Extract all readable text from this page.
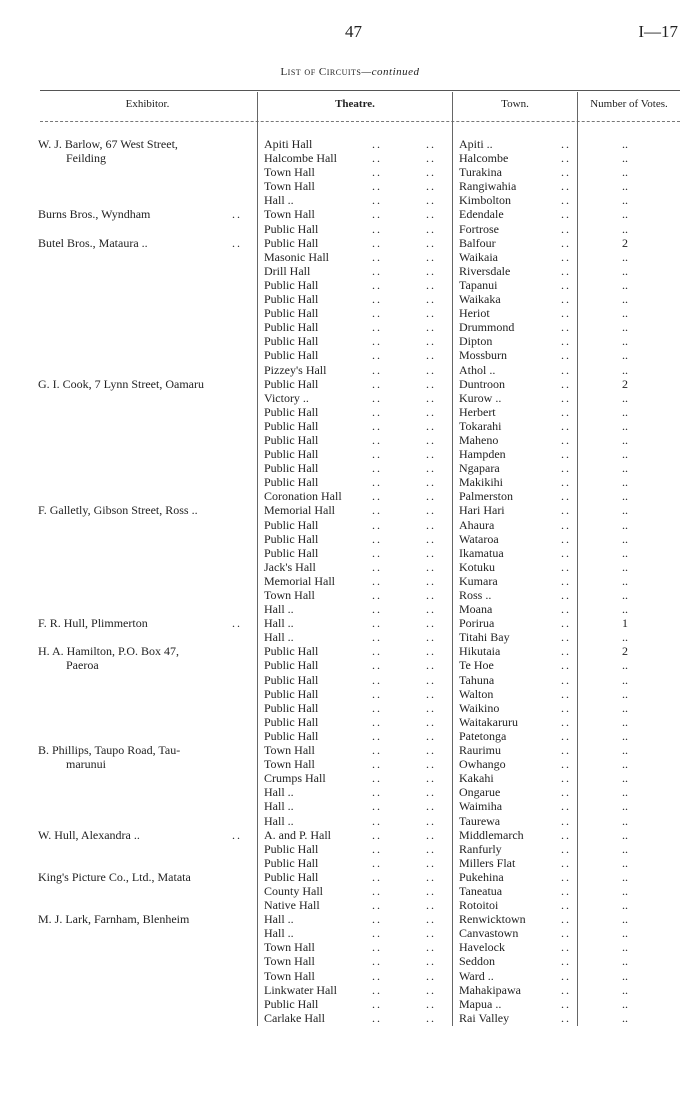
47	I—17
List of Circuits—continued
Exhibitor.	Theatre.	Town.	Number of Votes.
W. J. Barlow, 67 West Street,	Apiti Hall	..	.. Apiti ..	..	..
Feilding	Halcombe Hall	..	.. Halcombe	..	..
Town Hall	..	.. Turakina	..	..
Town Hall	..	.. Rangiwahia	..	..
Hall ..	..	.. Kimbolton	..	..
Burns Bros., Wyndham	.. Town Hall	..	.. Edendale	..	..
Public Hall	..	.. Fortrose	..	..
Butel Bros., Mataura ..	.. Public Hall	..	.. Balfour	..	2
Masonic Hall	..	.. Waikaia	..	..
Drill Hall	..	.. Riversdale	..	..
Public Hall	..	.. Tapanui	..	..
Public Hall	..	.. Waikaka	..	..
Public Hall	..	.. Heriot	..	..
Public Hall	..	.. Drummond	..	..
Public Hall	..	.. Dipton	..	..
Public Hall	..	.. Mossburn	..	..
Pizzey's Hall	..	.. Athol ..	..	..
G. I. Cook, 7 Lynn Street, Oamaru	Public Hall	..	.. Duntroon	..	2
Victory ..	..	.. Kurow ..	..	..
Public Hall	..	.. Herbert	..	..
Public Hall	..	.. Tokarahi	..	..
Public Hall	..	.. Maheno	..	..
Public Hall	..	.. Hampden	..	..
Public Hall	..	.. Ngapara	..	..
Public Hall	..	.. Makikihi	..	..
Coronation Hall	..	.. Palmerston	..	..
F. Galletly, Gibson Street, Ross ..	Memorial Hall	..	.. Hari Hari	..	..
Public Hall	..	.. Ahaura	..	..
Public Hall	..	.. Wataroa	..	..
Public Hall	..	.. Ikamatua	..	..
Jack's Hall	..	.. Kotuku	..	..
Memorial Hall	..	.. Kumara	..	..
Town Hall	..	.. Ross ..	..	..
Hall ..	..	.. Moana	..	..
F. R. Hull, Plimmerton	.. Hall ..	..	.. Porirua	..	1
Hall ..	..	.. Titahi Bay	..	..
H. A. Hamilton, P.O. Box 47,	Public Hall	..	.. Hikutaia	..	2
Paeroa	Public Hall	..	.. Te Hoe	..	..
Public Hall	..	.. Tahuna	..	..
Public Hall	..	.. Walton	..	..
Public Hall	..	.. Waikino	..	..
Public Hall	..	.. Waitakaruru	..	..
Public Hall	..	.. Patetonga	..	..
B. Phillips, Taupo Road, Tau-	Town Hall	..	.. Raurimu	..	..
marunui	Town Hall	..	.. Owhango	..	..
Crumps Hall	..	.. Kakahi	..	..
Hall ..	..	.. Ongarue	..	..
Hall ..	..	.. Waimiha	..	..
Hall ..	..	.. Taurewa	..	..
W. Hull, Alexandra ..	.. A. and P. Hall	..	.. Middlemarch	..	..
Public Hall	..	.. Ranfurly	..	..
Public Hall	..	.. Millers Flat	..	..
King's Picture Co., Ltd., Matata	Public Hall	..	.. Pukehina	..	..
County Hall	..	.. Taneatua	..	..
Native Hall	..	.. Rotoitoi	..	..
M. J. Lark, Farnham, Blenheim	Hall ..	..	.. Renwicktown	..	..
Hall ..	..	.. Canvastown	..	..
Town Hall	..	.. Havelock	..	..
Town Hall	..	.. Seddon	..	..
Town Hall	..	.. Ward ..	..	..
Linkwater Hall	..	.. Mahakipawa	..	..
Public Hall	..	.. Mapua ..	..	..
Carlake Hall	..	.. Rai Valley	..	..
